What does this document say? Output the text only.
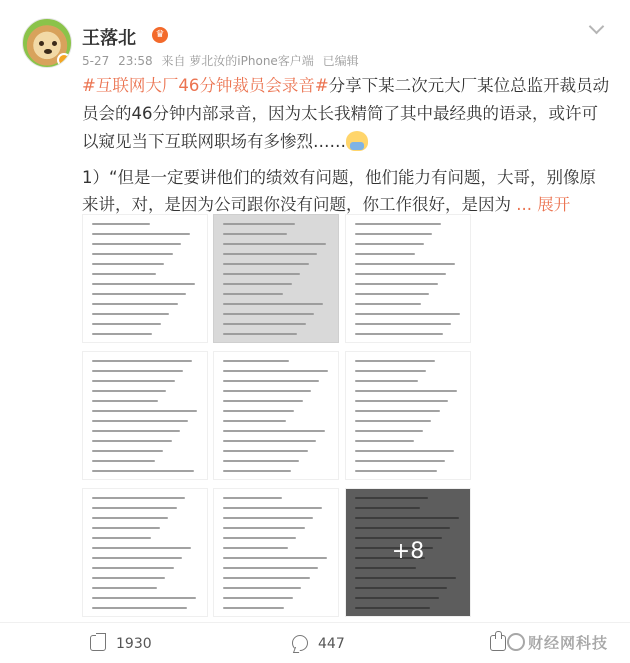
王落北	♛
5-27 23:58 来自 萝北汝的iPhone客户端 已编辑
#互联网大厂46分钟裁员会录音#分享下某二次元大厂某位总监开裁员动员会的46分钟内部录音，因为太长我精简了其中最经典的语录，或许可以窥见当下互联网职场有多惨烈……
1）“但是一定要讲他们的绩效有问题，他们能力有问题，大哥，别像原来讲，对，是因为公司跟你没有问题，你工作很好，是因为 ... 展开
+8
1930	447	财经网科技
